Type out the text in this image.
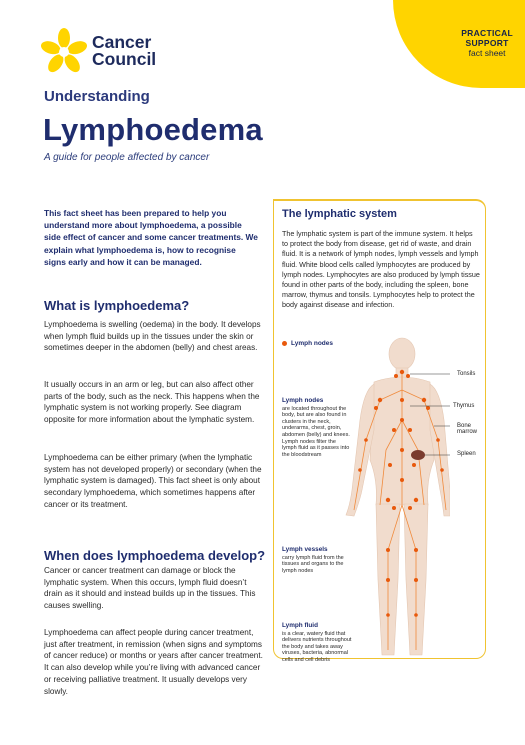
PRACTICAL
SUPPORT
fact sheet
Cancer
Council
Understanding
Lymphoedema
A guide for people affected by cancer
This fact sheet has been prepared to help you understand more about lymphoedema, a possible side effect of cancer and some cancer treatments. We explain what lymphoedema is, how to recognise signs early and how it can be managed.
What is lymphoedema?
Lymphoedema is swelling (oedema) in the body. It develops when lymph fluid builds up in the tissues under the skin or sometimes deeper in the abdomen (belly) and chest areas.
It usually occurs in an arm or leg, but can also affect other parts of the body, such as the neck. This happens when the lymphatic system is not working properly. See diagram opposite for more information about the lymphatic system.
Lymphoedema can be either primary (when the lymphatic system has not developed properly) or secondary (when the lymphatic system is damaged). This fact sheet is only about secondary lymphoedema, which sometimes happens after cancer or its treatment.
When does lymphoedema develop?
Cancer or cancer treatment can damage or block the lymphatic system. When this occurs, lymph fluid doesn’t drain as it should and instead builds up in the tissues. This causes swelling.
Lymphoedema can affect people during cancer treatment, just after treatment, in remission (when signs and symptoms of cancer reduce) or months or years after cancer treatment. It can also develop while you’re living with advanced cancer or receiving palliative treatment. It usually develops very slowly.
The lymphatic system
The lymphatic system is part of the immune system. It helps to protect the body from disease, get rid of waste, and drain fluid. It is a network of lymph nodes, lymph vessels and lymph fluid. White blood cells called lymphocytes are produced by lymph nodes. Lymphocytes are also produced by lymph tissue found in other parts of the body, including the spleen, bone marrow, thymus and tonsils. Lymphocytes help to protect the body against disease and infection.
Lymph nodes
Tonsils
Thymus
Bone marrow
Spleen
Lymph nodes
are located throughout the body, but are also found in clusters in the neck, underarms, chest, groin, abdomen (belly) and knees. Lymph nodes filter the lymph fluid as it passes into the bloodstream
Lymph vessels
carry lymph fluid from the tissues and organs to the lymph nodes
Lymph fluid
is a clear, watery fluid that delivers nutrients throughout the body and takes away viruses, bacteria, abnormal cells and cell debris
